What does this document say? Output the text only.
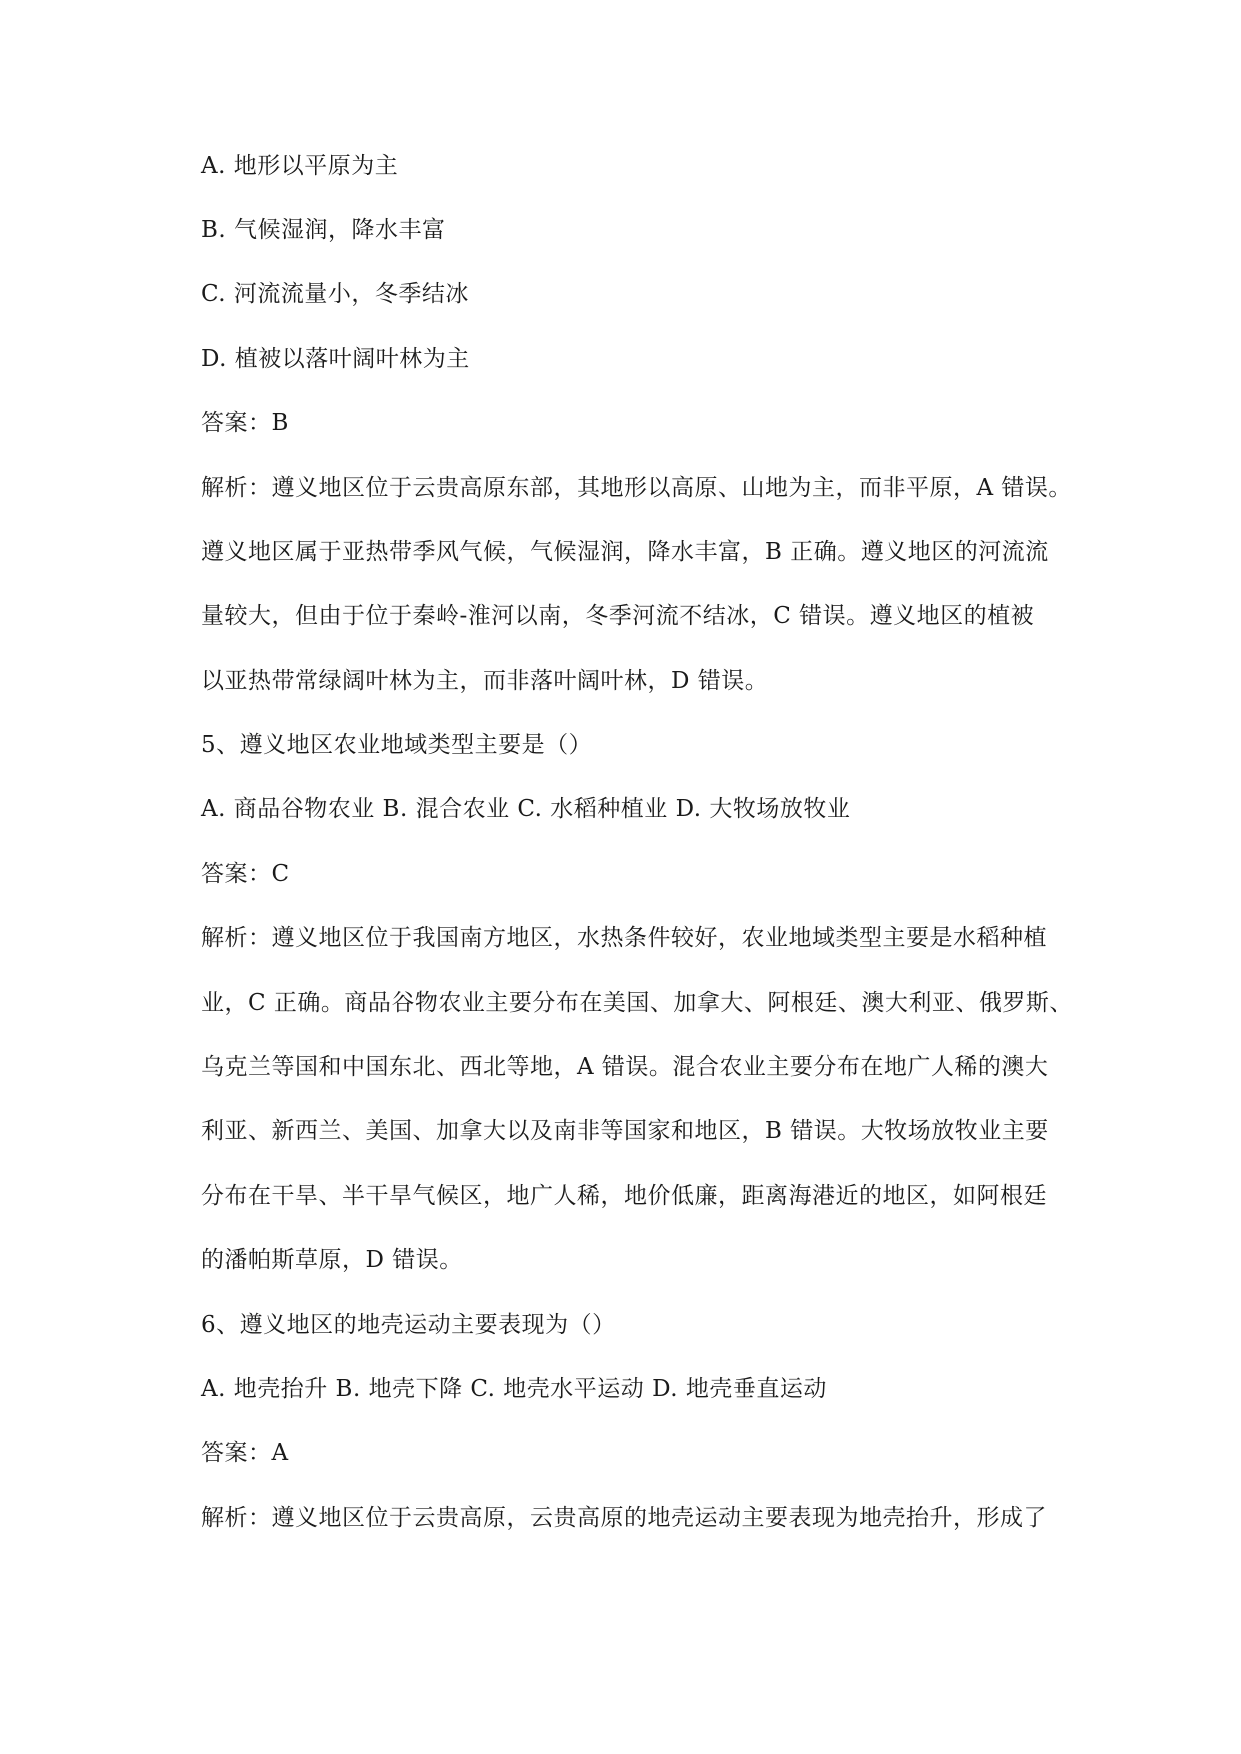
A. 地形以平原为主
B. 气候湿润，降水丰富
C. 河流流量小，冬季结冰
D. 植被以落叶阔叶林为主
答案：B
解析：遵义地区位于云贵高原东部，其地形以高原、山地为主，而非平原，A 错误。
遵义地区属于亚热带季风气候，气候湿润，降水丰富，B 正确。遵义地区的河流流
量较大，但由于位于秦岭-淮河以南，冬季河流不结冰，C 错误。遵义地区的植被
以亚热带常绿阔叶林为主，而非落叶阔叶林，D 错误。
5、遵义地区农业地域类型主要是（）
A. 商品谷物农业 B. 混合农业 C. 水稻种植业 D. 大牧场放牧业
答案：C
解析：遵义地区位于我国南方地区，水热条件较好，农业地域类型主要是水稻种植
业，C 正确。商品谷物农业主要分布在美国、加拿大、阿根廷、澳大利亚、俄罗斯、
乌克兰等国和中国东北、西北等地，A 错误。混合农业主要分布在地广人稀的澳大
利亚、新西兰、美国、加拿大以及南非等国家和地区，B 错误。大牧场放牧业主要
分布在干旱、半干旱气候区，地广人稀，地价低廉，距离海港近的地区，如阿根廷
的潘帕斯草原，D 错误。
6、遵义地区的地壳运动主要表现为（）
A. 地壳抬升 B. 地壳下降 C. 地壳水平运动 D. 地壳垂直运动
答案：A
解析：遵义地区位于云贵高原，云贵高原的地壳运动主要表现为地壳抬升，形成了
